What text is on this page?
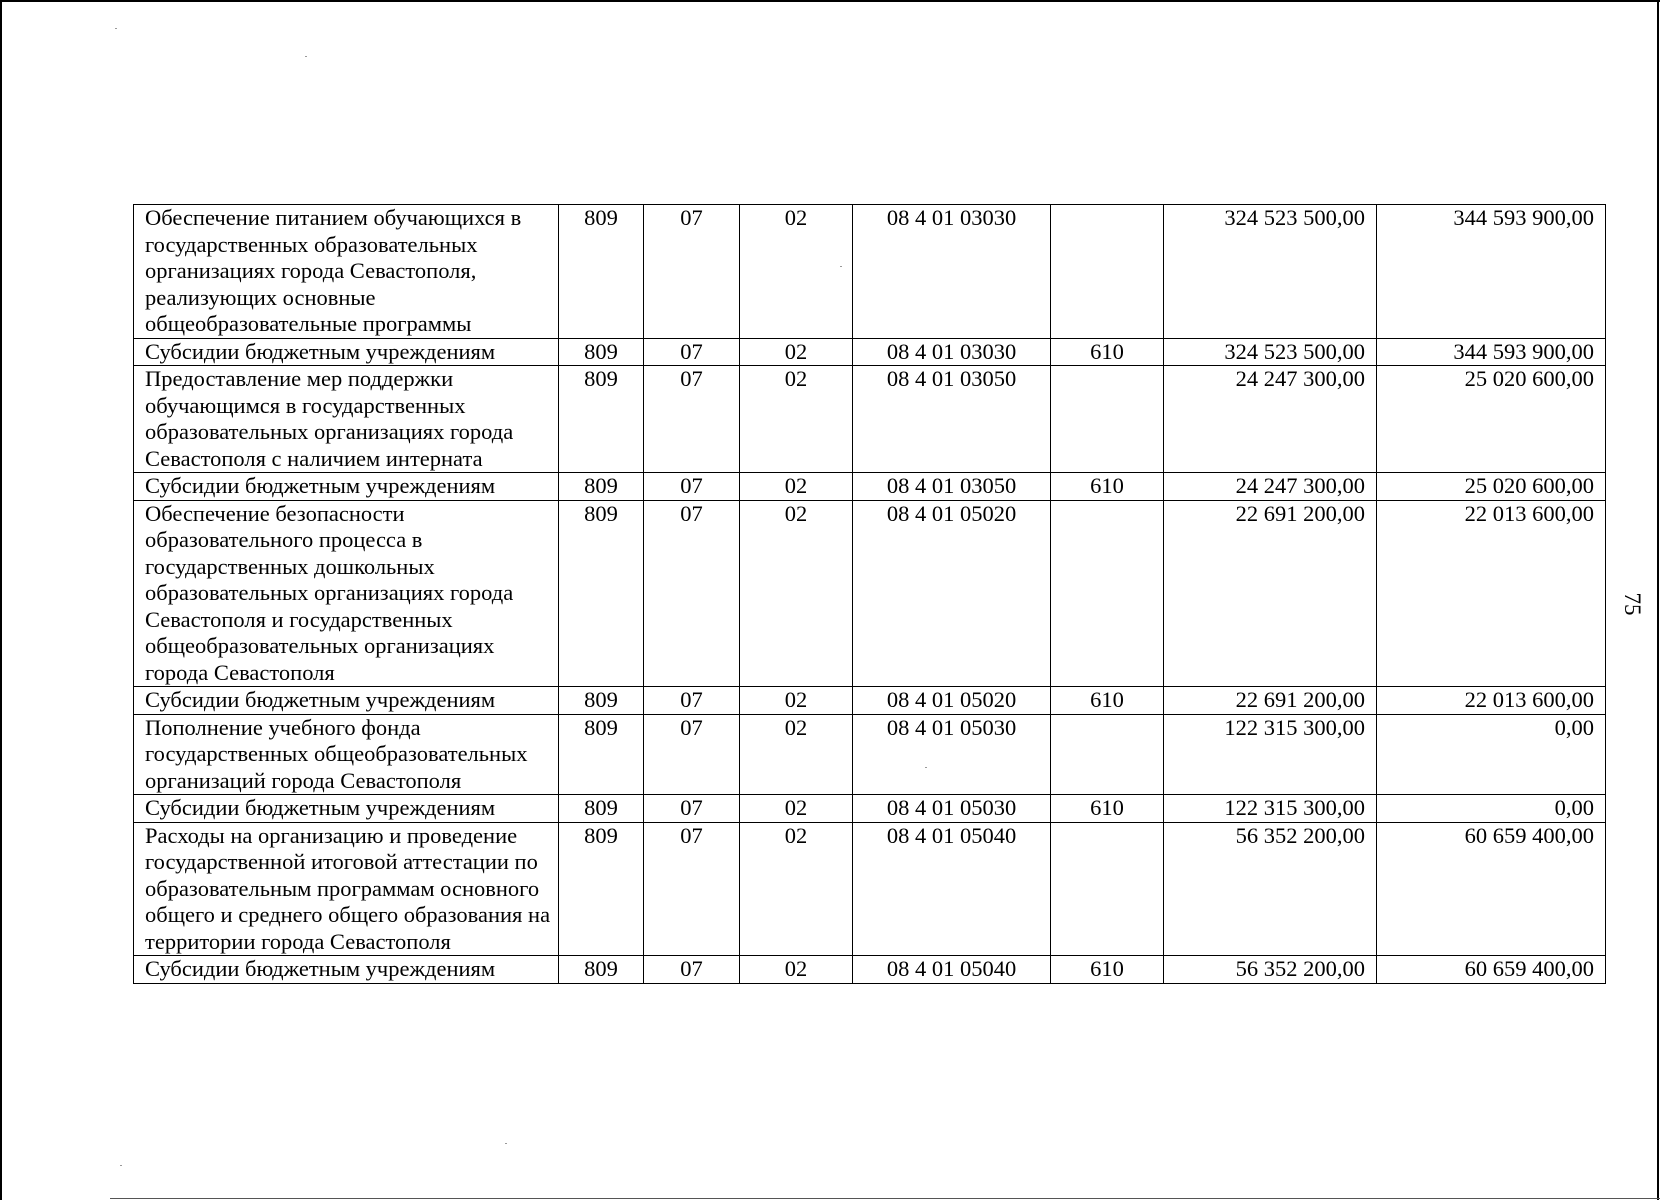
75
Обеспечение питанием обучающихся в государственных образовательных организациях города Севастополя, реализующих основные общеобразовательные программы	809	07	02	08 4 01 03030		324 523 500,00	344 593 900,00
Субсидии бюджетным учреждениям	809	07	02	08 4 01 03030	610	324 523 500,00	344 593 900,00
Предоставление мер поддержки обучающимся в государственных образовательных организациях города Севастополя с наличием интерната	809	07	02	08 4 01 03050		24 247 300,00	25 020 600,00
Субсидии бюджетным учреждениям	809	07	02	08 4 01 03050	610	24 247 300,00	25 020 600,00
Обеспечение безопасности образовательного процесса в государственных дошкольных образовательных организациях города Севастополя и государственных общеобразовательных организациях города Севастополя	809	07	02	08 4 01 05020		22 691 200,00	22 013 600,00
Субсидии бюджетным учреждениям	809	07	02	08 4 01 05020	610	22 691 200,00	22 013 600,00
Пополнение учебного фонда государственных общеобразовательных организаций города Севастополя	809	07	02	08 4 01 05030		122 315 300,00	0,00
Субсидии бюджетным учреждениям	809	07	02	08 4 01 05030	610	122 315 300,00	0,00
Расходы на организацию и проведение государственной итоговой аттестации по образовательным программам основного общего и среднего общего образования на территории города Севастополя	809	07	02	08 4 01 05040		56 352 200,00	60 659 400,00
Субсидии бюджетным учреждениям	809	07	02	08 4 01 05040	610	56 352 200,00	60 659 400,00
